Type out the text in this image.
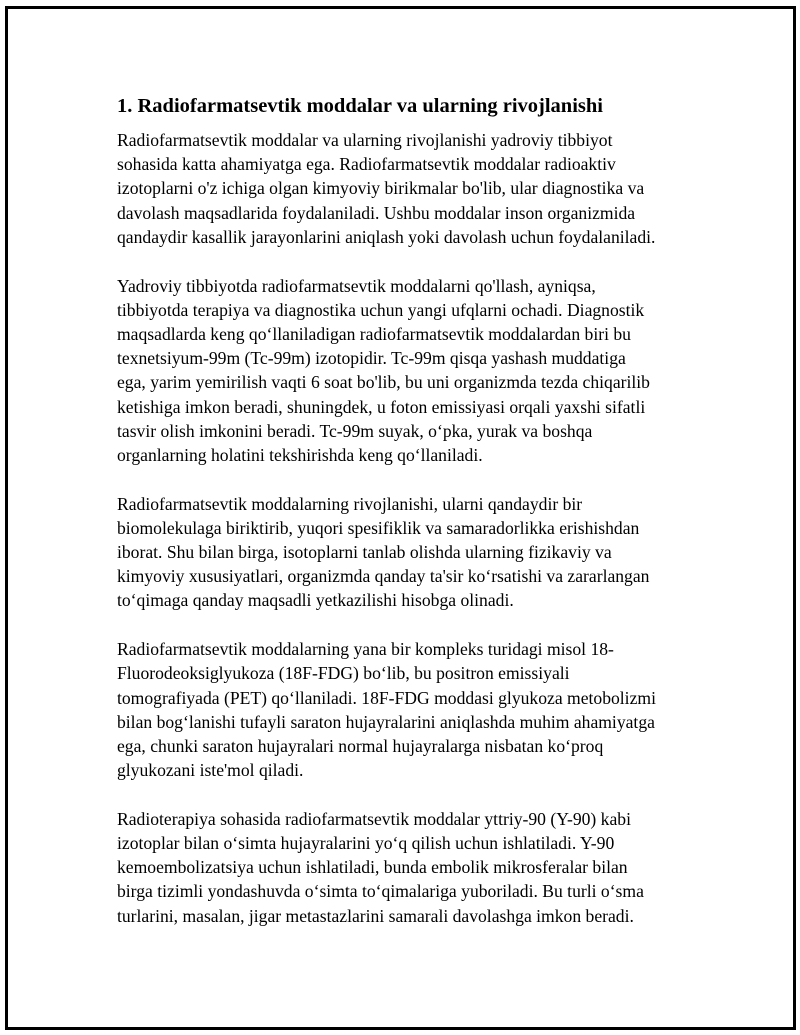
1. Radiofarmatsevtik moddalar va ularning rivojlanishi
Radiofarmatsevtik moddalar va ularning rivojlanishi yadroviy tibbiyot
sohasida katta ahamiyatga ega. Radiofarmatsevtik moddalar radioaktiv
izotoplarni o'z ichiga olgan kimyoviy birikmalar bo'lib, ular diagnostika va
davolash maqsadlarida foydalaniladi. Ushbu moddalar inson organizmida
qandaydir kasallik jarayonlarini aniqlash yoki davolash uchun foydalaniladi.
Yadroviy tibbiyotda radiofarmatsevtik moddalarni qo'llash, ayniqsa,
tibbiyotda terapiya va diagnostika uchun yangi ufqlarni ochadi. Diagnostik
maqsadlarda keng qo‘llaniladigan radiofarmatsevtik moddalardan biri bu
texnetsiyum-99m (Tc-99m) izotopidir. Tc-99m qisqa yashash muddatiga
ega, yarim yemirilish vaqti 6 soat bo'lib, bu uni organizmda tezda chiqarilib
ketishiga imkon beradi, shuningdek, u foton emissiyasi orqali yaxshi sifatli
tasvir olish imkonini beradi. Tc-99m suyak, o‘pka, yurak va boshqa
organlarning holatini tekshirishda keng qo‘llaniladi.
Radiofarmatsevtik moddalarning rivojlanishi, ularni qandaydir bir
biomolekulaga biriktirib, yuqori spesifiklik va samaradorlikka erishishdan
iborat. Shu bilan birga, isotoplarni tanlab olishda ularning fizikaviy va
kimyoviy xususiyatlari, organizmda qanday ta'sir ko‘rsatishi va zararlangan
to‘qimaga qanday maqsadli yetkazilishi hisobga olinadi.
Radiofarmatsevtik moddalarning yana bir kompleks turidagi misol 18-
Fluorodeoksiglyukoza (18F-FDG) bo‘lib, bu positron emissiyali
tomografiyada (PET) qo‘llaniladi. 18F-FDG moddasi glyukoza metobolizmi
bilan bog‘lanishi tufayli saraton hujayralarini aniqlashda muhim ahamiyatga
ega, chunki saraton hujayralari normal hujayralarga nisbatan ko‘proq
glyukozani iste'mol qiladi.
Radioterapiya sohasida radiofarmatsevtik moddalar yttriy-90 (Y-90) kabi
izotoplar bilan o‘simta hujayralarini yo‘q qilish uchun ishlatiladi. Y-90
kemoembolizatsiya uchun ishlatiladi, bunda embolik mikrosferalar bilan
birga tizimli yondashuvda o‘simta to‘qimalariga yuboriladi. Bu turli o‘sma
turlarini, masalan, jigar metastazlarini samarali davolashga imkon beradi.
